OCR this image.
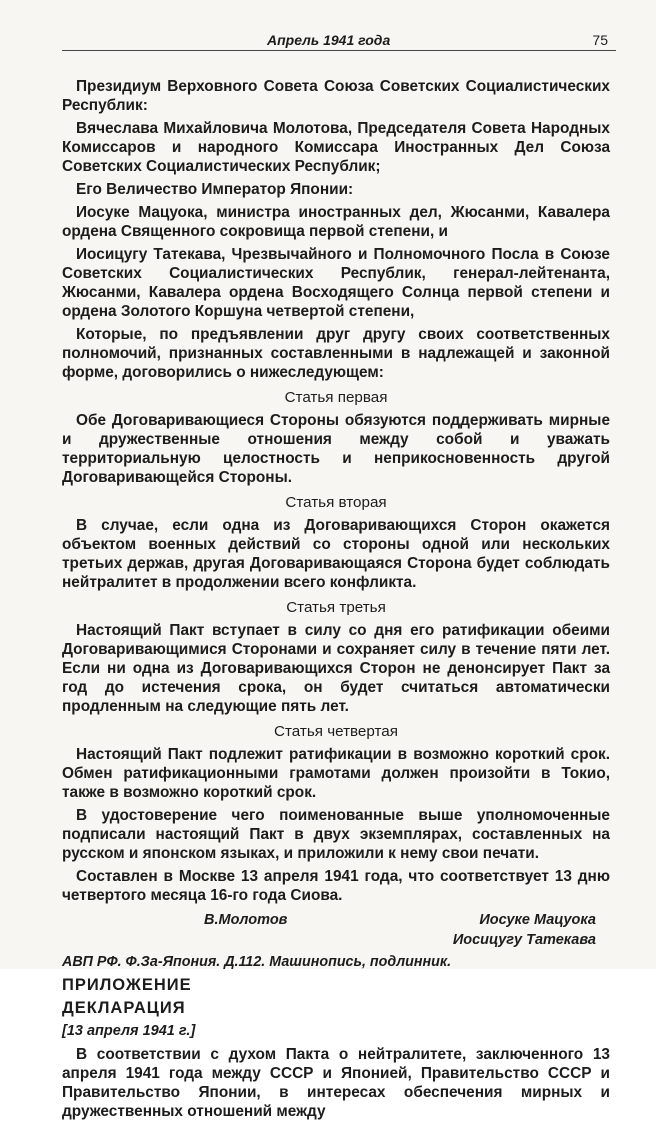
Апрель 1941 года	75

Президиум Верховного Совета Союза Советских Социалистических Республик:

Вячеслава Михайловича Молотова, Председателя Совета Народных Комиссаров и народного Комиссара Иностранных Дел Союза Советских Социалистических Республик;

Его Величество Император Японии:

Иосуке Мацуока, министра иностранных дел, Жюсанми, Кавалера ордена Священного сокровища первой степени, и

Иосицугу Татекава, Чрезвычайного и Полномочного Посла в Союзе Советских Социалистических Республик, генерал-лейтенанта, Жюсанми, Кавалера ордена Восходящего Солнца первой степени и ордена Золотого Коршуна четвертой степени,

Которые, по предъявлении друг другу своих соответственных полномочий, признанных составленными в надлежащей и законной форме, договорились о нижеследующем:

Статья первая

Обе Договаривающиеся Стороны обязуются поддерживать мирные и дружественные отношения между собой и уважать территориальную целостность и неприкосновенность другой Договаривающейся Стороны.

Статья вторая

В случае, если одна из Договаривающихся Сторон окажется объектом военных действий со стороны одной или нескольких третьих держав, другая Договаривающаяся Сторона будет соблюдать нейтралитет в продолжении всего конфликта.

Статья третья

Настоящий Пакт вступает в силу со дня его ратификации обеими Договаривающимися Сторонами и сохраняет силу в течение пяти лет. Если ни одна из Договаривающихся Сторон не денонсирует Пакт за год до истечения срока, он будет считаться автоматически продленным на следующие пять лет.

Статья четвертая

Настоящий Пакт подлежит ратификации в возможно короткий срок. Обмен ратификационными грамотами должен произойти в Токио, также в возможно короткий срок.

В удостоверение чего поименованные выше уполномоченные подписали настоящий Пакт в двух экземплярах, составленных на русском и японском языках, и приложили к нему свои печати.

Составлен в Москве 13 апреля 1941 года, что соответствует 13 дню четвертого месяца 16-го года Сиова.

В.Молотов	Иосуке Мацуока
Иосицугу Татекава

АВП РФ. Ф.За-Япония. Д.112. Машинопись, подлинник.

ПРИЛОЖЕНИЕ

ДЕКЛАРАЦИЯ

[13 апреля 1941 г.]

В соответствии с духом Пакта о нейтралитете, заключенного 13 апреля 1941 года между СССР и Японией, Правительство СССР и Правительство Японии, в интересах обеспечения мирных и дружественных отношений между
